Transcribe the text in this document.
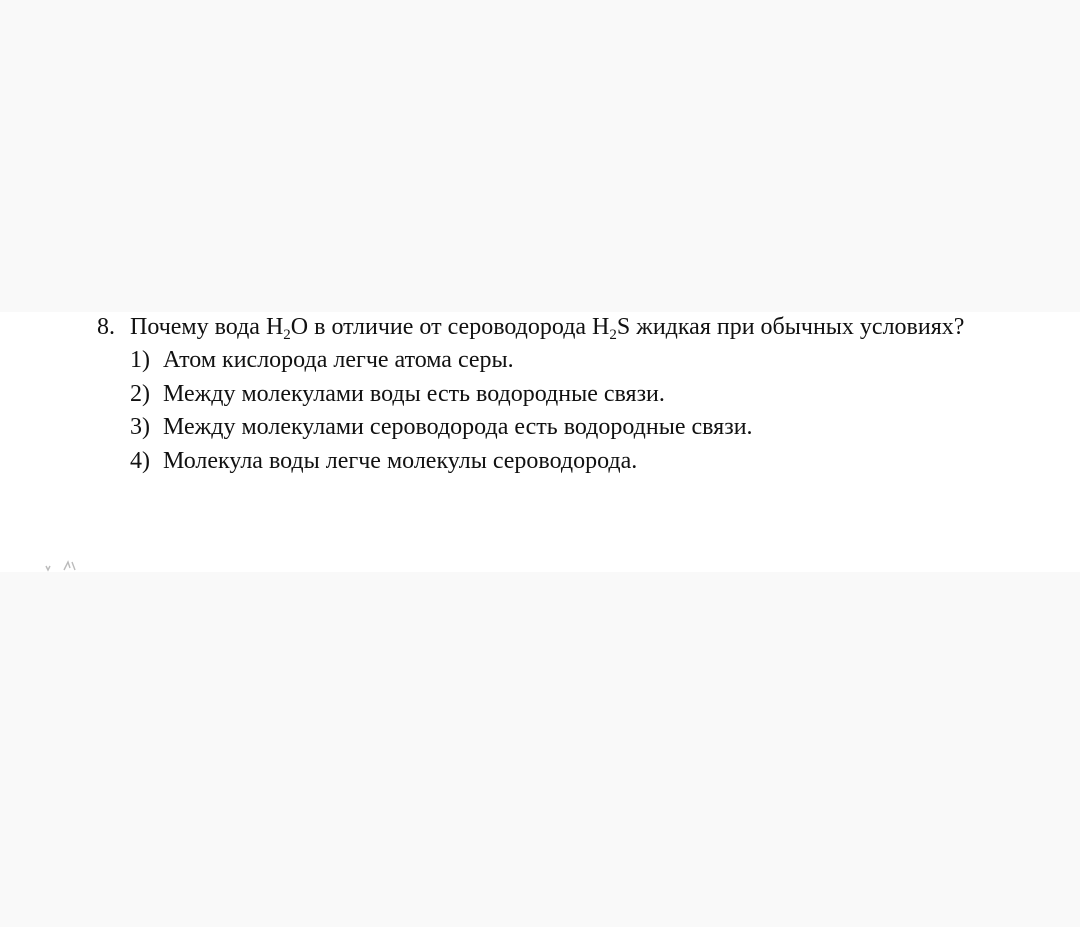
8. Почему вода $H_2O$ в отличие от сероводорода $H_2S$ жидкая при обычных условиях?
1) Атом кислорода легче атома серы.
2) Между молекулами воды есть водородные связи.
3) Между молекулами сероводорода есть водородные связи.
4) Молекула воды легче молекулы сероводорода.
